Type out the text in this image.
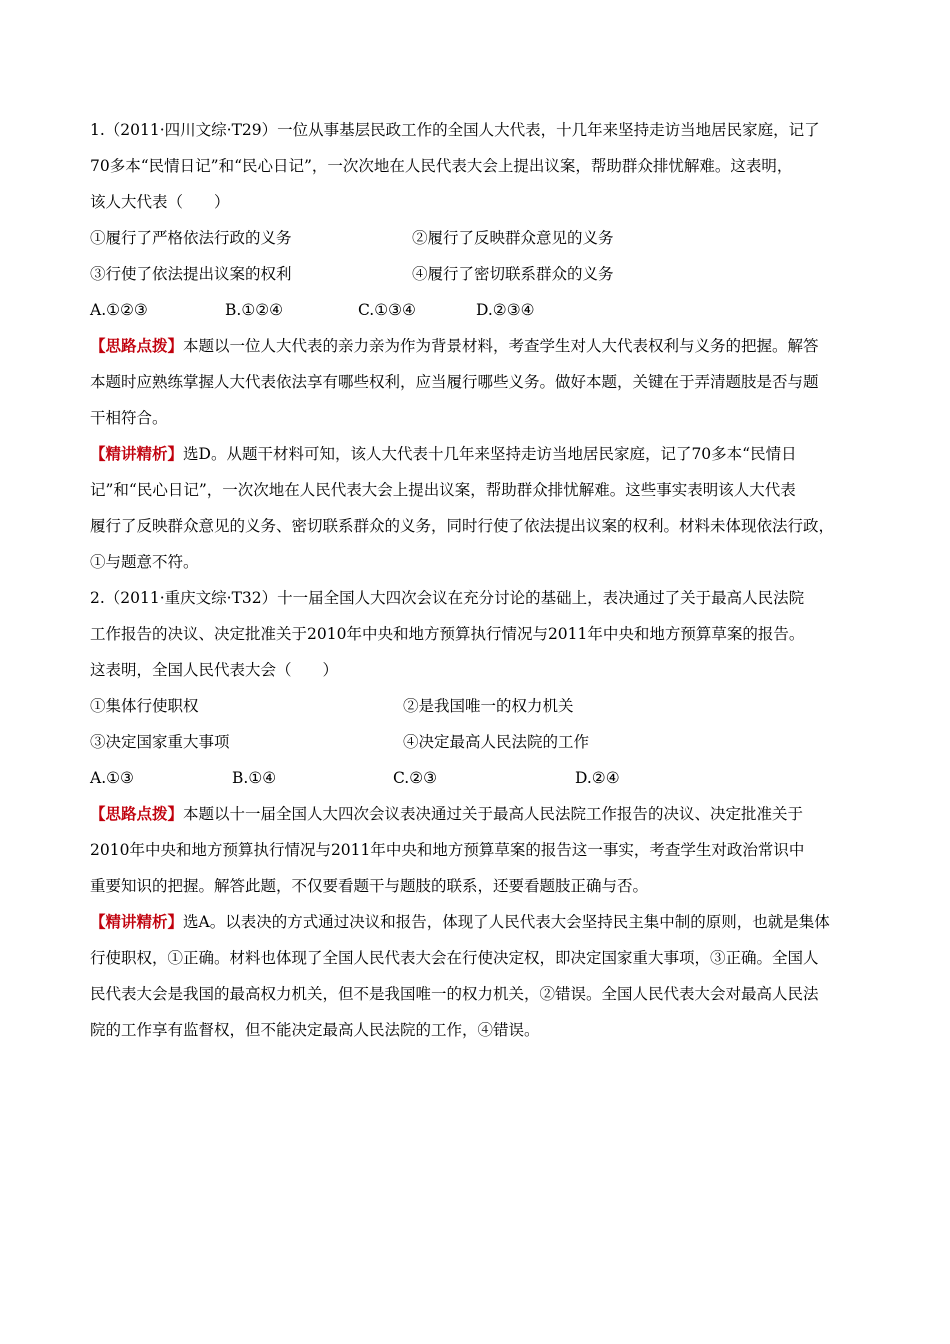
1.（2011·四川文综·T29）一位从事基层民政工作的全国人大代表，十几年来坚持走访当地居民家庭，记了
70多本“民情日记”和“民心日记”，一次次地在人民代表大会上提出议案，帮助群众排忧解难。这表明，
该人大代表（　　）
①履行了严格依法行政的义务	②履行了反映群众意见的义务
③行使了依法提出议案的权利	④履行了密切联系群众的义务
A.①②③	B.①②④	C.①③④	D.②③④
【思路点拨】本题以一位人大代表的亲力亲为作为背景材料，考查学生对人大代表权利与义务的把握。解答
本题时应熟练掌握人大代表依法享有哪些权利，应当履行哪些义务。做好本题，关键在于弄清题肢是否与题
干相符合。
【精讲精析】选D。从题干材料可知，该人大代表十几年来坚持走访当地居民家庭，记了70多本“民情日
记”和“民心日记”，一次次地在人民代表大会上提出议案，帮助群众排忧解难。这些事实表明该人大代表
履行了反映群众意见的义务、密切联系群众的义务，同时行使了依法提出议案的权利。材料未体现依法行政，
①与题意不符。
2.（2011·重庆文综·T32）十一届全国人大四次会议在充分讨论的基础上，表决通过了关于最高人民法院
工作报告的决议、决定批准关于2010年中央和地方预算执行情况与2011年中央和地方预算草案的报告。
这表明，全国人民代表大会（　　）
①集体行使职权	②是我国唯一的权力机关
③决定国家重大事项	④决定最高人民法院的工作
A.①③	B.①④	C.②③	D.②④
【思路点拨】本题以十一届全国人大四次会议表决通过关于最高人民法院工作报告的决议、决定批准关于
2010年中央和地方预算执行情况与2011年中央和地方预算草案的报告这一事实，考查学生对政治常识中
重要知识的把握。解答此题，不仅要看题干与题肢的联系，还要看题肢正确与否。
【精讲精析】选A。以表决的方式通过决议和报告，体现了人民代表大会坚持民主集中制的原则，也就是集体
行使职权，①正确。材料也体现了全国人民代表大会在行使决定权，即决定国家重大事项，③正确。全国人
民代表大会是我国的最高权力机关，但不是我国唯一的权力机关，②错误。全国人民代表大会对最高人民法
院的工作享有监督权，但不能决定最高人民法院的工作，④错误。
